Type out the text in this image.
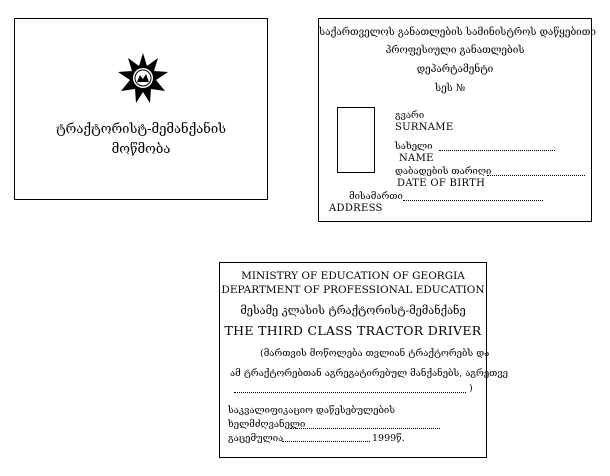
ტრაქტორისტ-მემანქანის
მოწმობა
საქართველოს განათლების სამინისტროს დაწყებითი
პროფესიული განათლების
დეპარტამენტი
სეს №
გვარი
SURNAME
სახელი
NAME
დაბადების თარიღი
DATE OF BIRTH
მისამართი
ADDRESS
MINISTRY OF EDUCATION OF GEORGIA
DEPARTMENT OF PROFESSIONAL EDUCATION
მესამე კლასის ტრაქტორისტ-მემანქანე
THE THIRD CLASS TRACTOR DRIVER
(მართვის მოწოლება თვლიან ტრაქტორებს და
ამ ტრაქტორებთან აგრეგატირებულ მანქანებს, აგრეთვე
)
საკვალიფიკაციო დაწესებულების
ხელმძღვანელი
გაცემულია	1999წ.
